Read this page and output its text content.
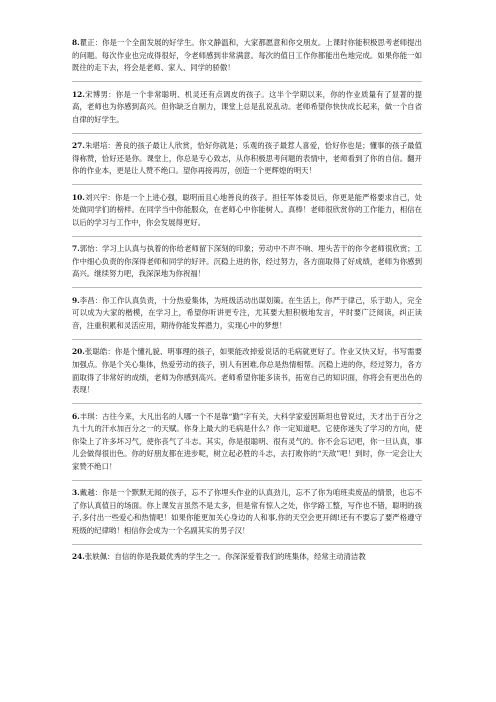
8.瞿正：你是一个全面发展的好学生。你文静温和，大家都愿意和你交朋友。上课时你能积极思考老师提出的问题。每次作业也完成得很好，令老师感到非常满意。每次的值日工作你都能出色地完成。如果你能一如既往的走下去，将会是老师、家人、同学的骄傲！

12.宋博男：你是一个非常聪明、机灵还有点调皮的孩子。这半个学期以来，你的作业质量有了显著的提高，老师也为你感到高兴。但你缺乏自制力，课堂上总是乱说乱动。老师希望你快快成长起来，做一个自省自律的好学生。

27.朱堪培：善良的孩子最让人欣赏，恰好你就是；乐观的孩子最惹人喜爱，恰好你也是；懂事的孩子最值得称赞，恰好还是你。课堂上，你总是专心致志，从你积极思考问题的表情中，老师看到了你的自信。翻开你的作业本，更是让人赞不绝口。望你再接再厉，创造一个更辉煌的明天！

10.刘兴宇：你是一个上进心强，聪明而且心地善良的孩子。担任军体委员后，你更是能严格要求自己，处处做同学们的榜样。在同学当中你能服众，在老师心中你能树人。真棒！老师很欣赏你的工作能力，相信在以后的学习与工作中，你会发展得更好。

7.郭怡：学习上认真与执着的你给老师留下深刻的印象；劳动中不声不响、埋头苦干的你令老师很欣赏；工作中细心负责的你深得老师和同学的好评。沉稳上进的你，经过努力，各方面取得了好成绩，老师为你感到高兴。继续努力吧，我深深地为你祝福！

9.李昌：你工作认真负责，十分热爱集体，为班级活动出谋划策。在生活上，你严于律己，乐于助人，完全可以成为大家的楷模，在学习上，希望你听讲更专注，尤其要大胆积极地发言，平时要广泛阅读，纠正读音，注重积累和灵活应用，期待你能发挥潜力，实现心中的梦想！

20.张聪皓：你是个懂礼貌、明事理的孩子，如果能改掉爱说话的毛病就更好了。作业又快又好，书写需要加强点。你是个关心集体，热爱劳动的孩子，别人有困难,你总是热情相帮。沉稳上进的你，经过努力，各方面取得了非常好的成绩，老师为你感到高兴。老师希望你能多读书，拓宽自己的知识面，你将会有更出色的表现！

6.丰琪：古往今来，大凡出名的人哪一个不是靠“勤”字有关，大科学家爱因斯坦也曾说过，天才出于百分之九十九的汗水加百分之一的天赋。你身上最大的毛病是什么？你一定知道吧。它使你迷失了学习的方向，使你染上了许多坏习气，使你丧气了斗志。其实，你是很聪明、很有灵气的。你不会忘记吧，你一旦认真，事儿会做得很出色。你的好朋友都在进步呢，树立起必胜的斗志，去打败你的“天敌”吧！到时，你一定会让大家赞不绝口！

3.戴越：你是一个默默无闻的孩子，忘不了你埋头作业的认真劲儿，忘不了你为咱班卖废品的情景，也忘不了你认真值日的场面。你上课发言虽然不是太多，但是常有惊人之处，你学路工整，写作也不错，聪明的孩子,多付出一些爱心和热情吧！如果你能更加关心身边的人和事,你的天空会更开阔!还有不要忘了要严格遵守班级的纪律哟！相信你会成为一个名副其实的男子汉！

24.张轶佩：自信的你是我最优秀的学生之一。你深深爱着我们的班集体，经常主动清洁教
